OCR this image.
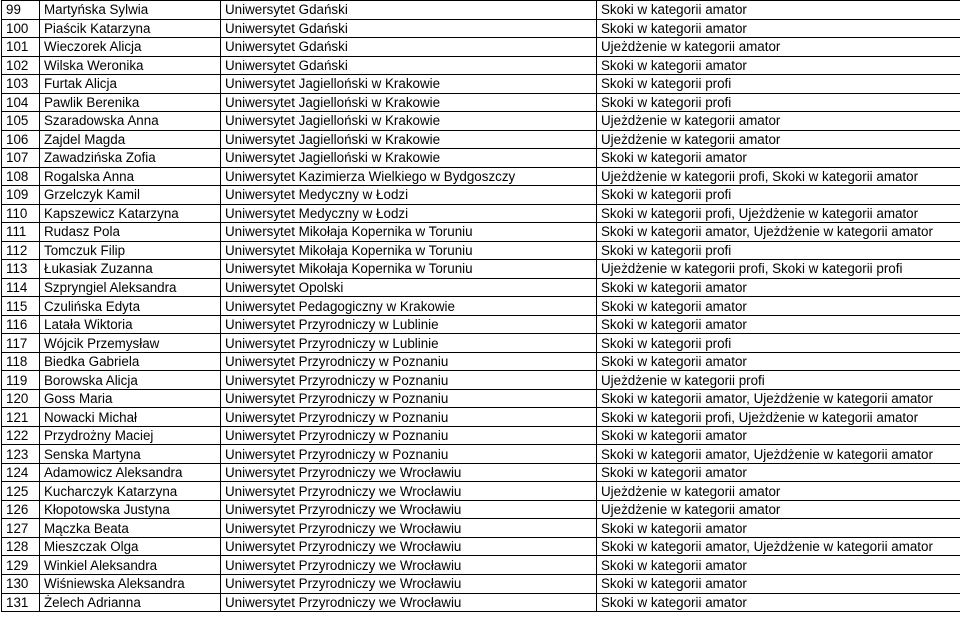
99	Martyńska Sylwia	Uniwersytet Gdański	Skoki w kategorii amator
100	Piaścik Katarzyna	Uniwersytet Gdański	Skoki w kategorii amator
101	Wieczorek Alicja	Uniwersytet Gdański	Ujeżdżenie w kategorii amator
102	Wilska Weronika	Uniwersytet Gdański	Skoki w kategorii amator
103	Furtak Alicja	Uniwersytet Jagielloński w Krakowie	Skoki w kategorii profi
104	Pawlik Berenika	Uniwersytet Jagielloński w Krakowie	Skoki w kategorii profi
105	Szaradowska Anna	Uniwersytet Jagielloński w Krakowie	Ujeżdżenie w kategorii amator
106	Zajdel Magda	Uniwersytet Jagielloński w Krakowie	Ujeżdżenie w kategorii amator
107	Zawadzińska Zofia	Uniwersytet Jagielloński w Krakowie	Skoki w kategorii amator
108	Rogalska Anna	Uniwersytet Kazimierza Wielkiego w Bydgoszczy	Ujeżdżenie w kategorii profi, Skoki w kategorii amator
109	Grzelczyk Kamil	Uniwersytet Medyczny w Łodzi	Skoki w kategorii profi
110	Kapszewicz Katarzyna	Uniwersytet Medyczny w Łodzi	Skoki w kategorii profi, Ujeżdżenie w kategorii amator
111	Rudasz Pola	Uniwersytet Mikołaja Kopernika w Toruniu	Skoki w kategorii amator, Ujeżdżenie w kategorii amator
112	Tomczuk Filip	Uniwersytet Mikołaja Kopernika w Toruniu	Skoki w kategorii profi
113	Łukasiak Zuzanna	Uniwersytet Mikołaja Kopernika w Toruniu	Ujeżdżenie w kategorii profi, Skoki w kategorii profi
114	Szpryngiel Aleksandra	Uniwersytet Opolski	Skoki w kategorii amator
115	Czulińska Edyta	Uniwersytet Pedagogiczny w Krakowie	Skoki w kategorii amator
116	Latała Wiktoria	Uniwersytet Przyrodniczy w Lublinie	Skoki w kategorii amator
117	Wójcik Przemysław	Uniwersytet Przyrodniczy w Lublinie	Skoki w kategorii profi
118	Biedka Gabriela	Uniwersytet Przyrodniczy w Poznaniu	Skoki w kategorii amator
119	Borowska Alicja	Uniwersytet Przyrodniczy w Poznaniu	Ujeżdżenie w kategorii profi
120	Goss Maria	Uniwersytet Przyrodniczy w Poznaniu	Skoki w kategorii amator, Ujeżdżenie w kategorii amator
121	Nowacki Michał	Uniwersytet Przyrodniczy w Poznaniu	Skoki w kategorii profi, Ujeżdżenie w kategorii amator
122	Przydrożny Maciej	Uniwersytet Przyrodniczy w Poznaniu	Skoki w kategorii amator
123	Senska Martyna	Uniwersytet Przyrodniczy w Poznaniu	Skoki w kategorii amator, Ujeżdżenie w kategorii amator
124	Adamowicz Aleksandra	Uniwersytet Przyrodniczy we Wrocławiu	Skoki w kategorii amator
125	Kucharczyk Katarzyna	Uniwersytet Przyrodniczy we Wrocławiu	Ujeżdżenie w kategorii amator
126	Kłopotowska Justyna	Uniwersytet Przyrodniczy we Wrocławiu	Ujeżdżenie w kategorii amator
127	Mączka Beata	Uniwersytet Przyrodniczy we Wrocławiu	Skoki w kategorii amator
128	Mieszczak Olga	Uniwersytet Przyrodniczy we Wrocławiu	Skoki w kategorii amator, Ujeżdżenie w kategorii amator
129	Winkiel Aleksandra	Uniwersytet Przyrodniczy we Wrocławiu	Skoki w kategorii amator
130	Wiśniewska Aleksandra	Uniwersytet Przyrodniczy we Wrocławiu	Skoki w kategorii amator
131	Żelech Adrianna	Uniwersytet Przyrodniczy we Wrocławiu	Skoki w kategorii amator
